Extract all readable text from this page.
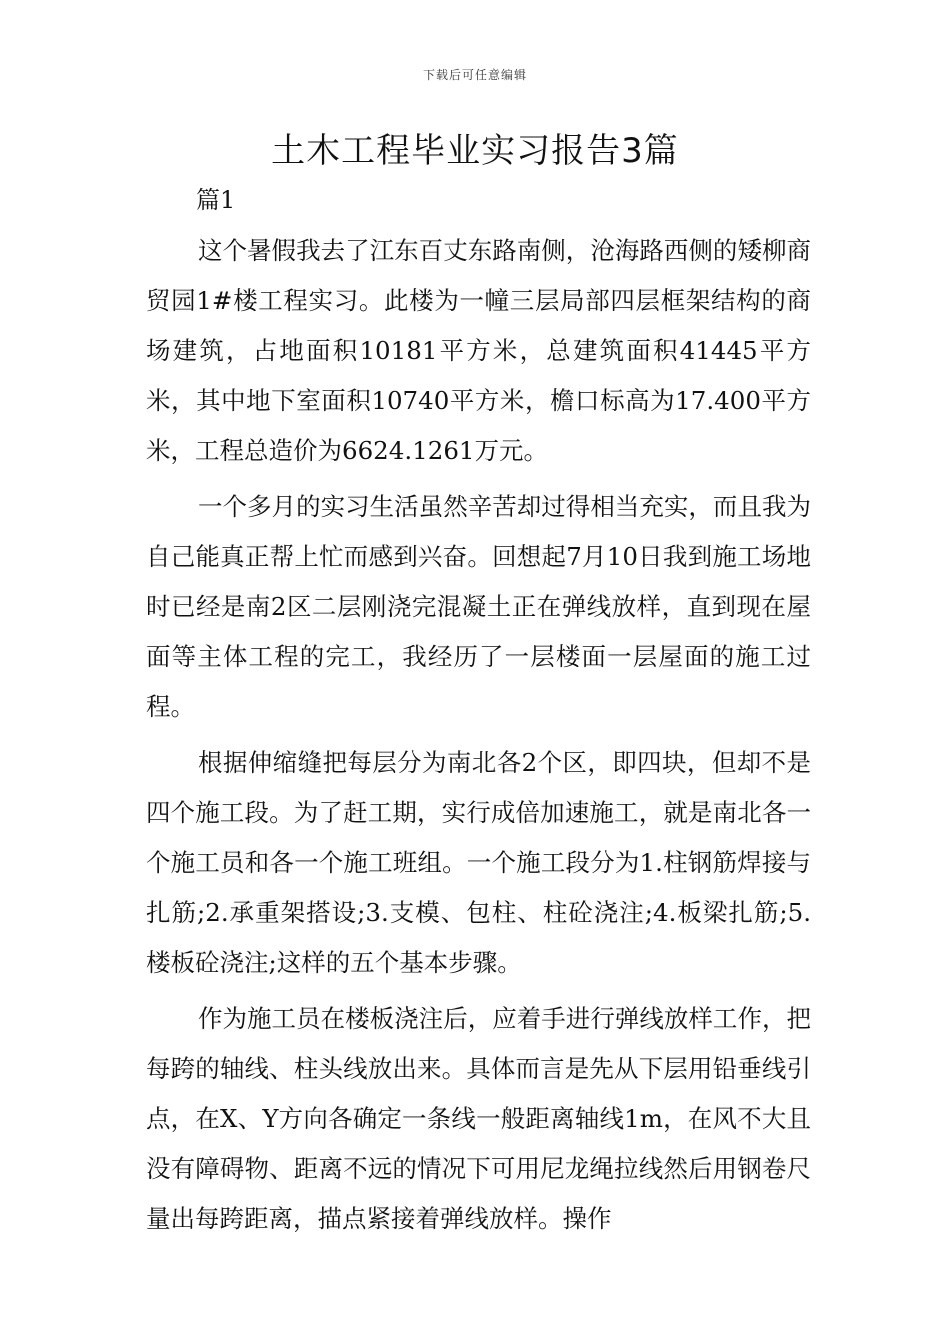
下载后可任意编辑
土木工程毕业实习报告3篇
篇1

这个暑假我去了江东百丈东路南侧，沧海路西侧的矮柳商贸园1#楼工程实习。此楼为一幢三层局部四层框架结构的商场建筑，占地面积10181平方米，总建筑面积41445平方米，其中地下室面积10740平方米，檐口标高为17.400平方米，工程总造价为6624.1261万元。

一个多月的实习生活虽然辛苦却过得相当充实，而且我为自己能真正帮上忙而感到兴奋。回想起7月10日我到施工场地时已经是南2区二层刚浇完混凝土正在弹线放样，直到现在屋面等主体工程的完工，我经历了一层楼面一层屋面的施工过程。

根据伸缩缝把每层分为南北各2个区，即四块，但却不是四个施工段。为了赶工期，实行成倍加速施工，就是南北各一个施工员和各一个施工班组。一个施工段分为1.柱钢筋焊接与扎筋;2.承重架搭设;3.支模、包柱、柱砼浇注;4.板梁扎筋;5.楼板砼浇注;这样的五个基本步骤。

作为施工员在楼板浇注后，应着手进行弹线放样工作，把每跨的轴线、柱头线放出来。具体而言是先从下层用铅垂线引点，在X、Y方向各确定一条线一般距离轴线1m，在风不大且没有障碍物、距离不远的情况下可用尼龙绳拉线然后用钢卷尺量出每跨距离，描点紧接着弹线放样。操作
